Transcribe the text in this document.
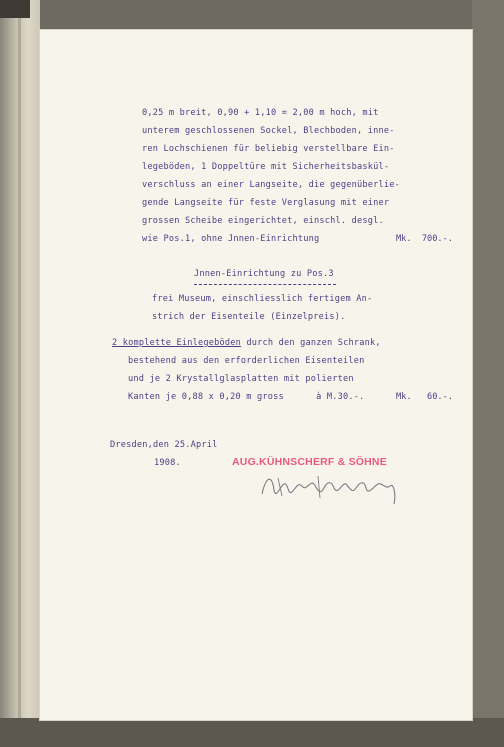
0,25 m breit, 0,90 + 1,10 = 2,00 m hoch, mit
unterem geschlossenen Sockel, Blechboden, inne-
ren Lochschienen für beliebig verstellbare Ein-
legeböden, 1 Doppeltüre mit Sicherheitsbaskül-
verschluss an einer Langseite, die gegenüberlie-
gende Langseite für feste Verglasung mit einer
grossen Scheibe eingerichtet, einschl. desgl.
wie Pos.1, ohne Jnnen-Einrichtung	Mk.  700.-.
Jnnen-Einrichtung zu Pos.3
frei Museum, einschliesslich fertigem An-
strich der Eisenteile (Einzelpreis).
2 komplette Einlegeböden durch den ganzen Schrank,
bestehend aus den erforderlichen Eisenteilen
und je 2 Krystallglasplatten mit polierten
Kanten je 0,88 x 0,20 m gross      à M.30.-.	Mk.   60.-.
Dresden,den 25.April
1908.	AUG.KÜHNSCHERF & SÖHNE
